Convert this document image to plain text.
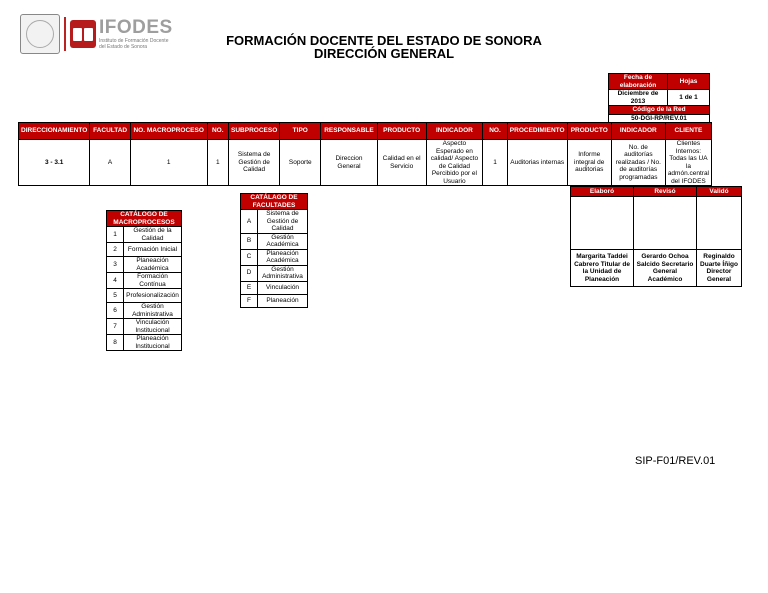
IFODES
Instituto de Formación Docente del Estado de Sonora	FORMACIÓN DOCENTE DEL ESTADO DE SONORA
DIRECCIÓN GENERAL
Fecha de elaboración	Hojas
Diciembre de 2013	1 de 1
Código de la Red	
50-DGI-RP/REV.01	
DIRECCIONAMIENTO	FACULTAD	NO. MACROPROCESO	NO.	SUBPROCESO	TIPO	RESPONSABLE	PRODUCTO	INDICADOR	NO.	PROCEDIMIENTO	PRODUCTO	INDICADOR	CLIENTE
3 - 3.1	A	1	1	Sistema de Gestión de Calidad	Soporte	Direccion General	Calidad en el Servicio	Aspecto Esperado en calidad/ Aspecto de Calidad Percibido por el Usuario	1	Auditorias internas	Informe integral de auditorias	No. de auditorías realizadas / No. de auditorías programadas	Clientes Internos: Todas las UA la admón.central del IFODES
CATÁLOGO DE MACROPROCESOS	
1	Gestión de la Calidad
2	Formación Inicial
3	Planeación Académica
4	Formación Contínua
5	Profesionalización
6	Gestión Administrativa
7	Vinculación Institucional
8	Planeación Institucional
CATÁLAGO DE FACULTADES	
A	Sistema de Gestión de Calidad
B	Gestión Académica
C	Planeación Académica
D	Gestión Administrativa
E	Vinculación
F	Planeación
Elaboró	Revisó	Validó

Margarita Taddei Cabrero Titular de la Unidad de Planeación	Gerardo Ochoa Salcido Secretario General Académico	Reginaldo Duarte Íñigo Director General
SIP-F01/REV.01
